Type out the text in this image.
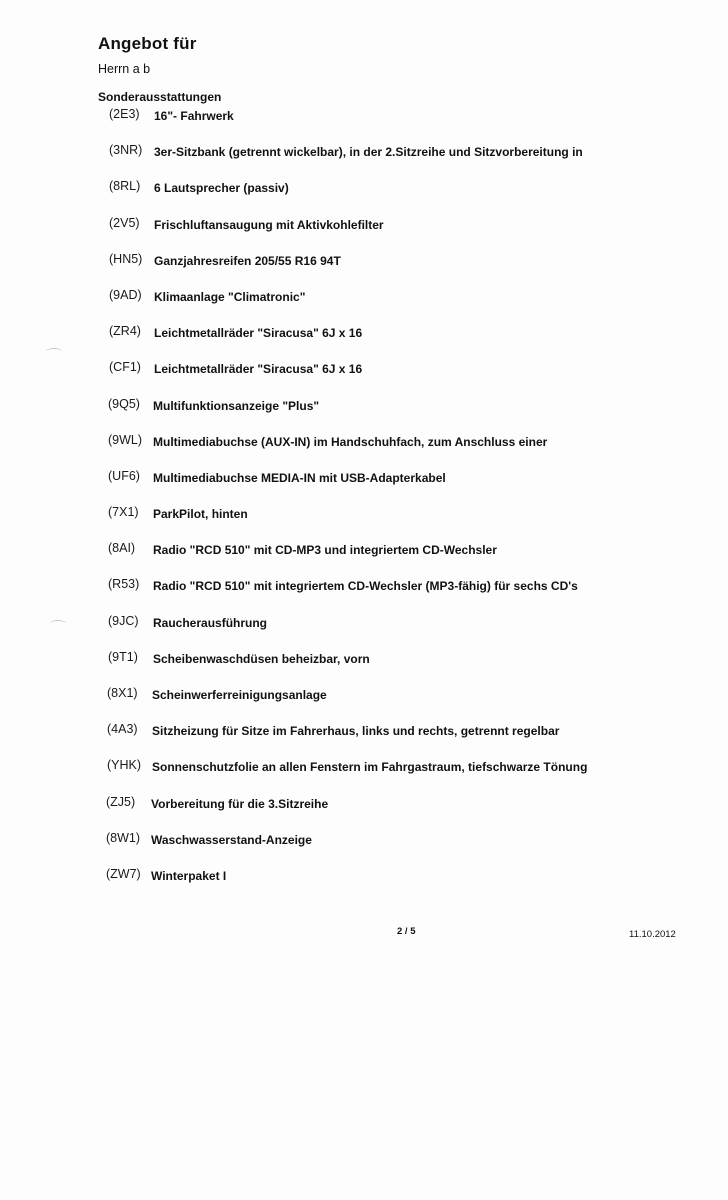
Angebot für
Herrn a b
Sonderausstattungen
(2E3) 16"- Fahrwerk
(3NR) 3er-Sitzbank (getrennt wickelbar), in der 2.Sitzreihe und Sitzvorbereitung in
(8RL) 6 Lautsprecher (passiv)
(2V5) Frischluftansaugung mit Aktivkohlefilter
(HN5) Ganzjahresreifen 205/55 R16 94T
(9AD) Klimaanlage "Climatronic"
(ZR4) Leichtmetallräder "Siracusa" 6J x 16
(CF1) Leichtmetallräder "Siracusa" 6J x 16
(9Q5) Multifunktionsanzeige "Plus"
(9WL) Multimediabuchse (AUX-IN) im Handschuhfach, zum Anschluss einer
(UF6) Multimediabuchse MEDIA-IN mit USB-Adapterkabel
(7X1) ParkPilot, hinten
(8AI) Radio "RCD 510" mit CD-MP3 und integriertem CD-Wechsler
(R53) Radio "RCD 510" mit integriertem CD-Wechsler (MP3-fähig) für sechs CD's
(9JC) Raucherausführung
(9T1) Scheibenwaschdüsen beheizbar, vorn
(8X1) Scheinwerferreinigungsanlage
(4A3) Sitzheizung für Sitze im Fahrerhaus, links und rechts, getrennt regelbar
(YHK) Sonnenschutzfolie an allen Fenstern im Fahrgastraum, tiefschwarze Tönung
(ZJ5) Vorbereitung für die 3.Sitzreihe
(8W1) Waschwasserstand-Anzeige
(ZW7) Winterpaket I
2 / 5	11.10.2012
